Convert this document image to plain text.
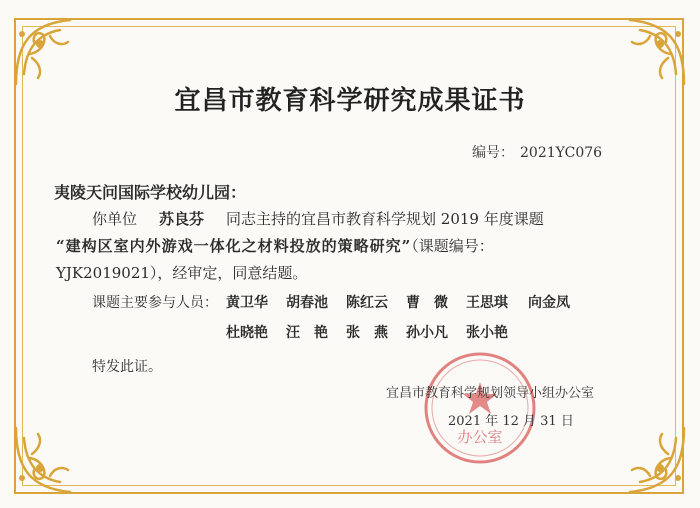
宜昌市教育科学研究成果证书
编号： 2021YC076
夷陵天问国际学校幼儿园：
你单位 苏良芬 同志主持的宜昌市教育科学规划 2019 年度课题
“建构区室内外游戏一体化之材料投放的策略研究”（课题编号：
YJK2019021），经审定，同意结题。
课题主要参与人员： 黄卫华 胡春池 陈红云 曹　微 王思琪 向金凤
杜晓艳 汪　艳 张　燕 孙小凡 张小艳
特发此证。
办公室
宜昌市教育科学规划领导小组办公室
2021 年 12 月 31 日
